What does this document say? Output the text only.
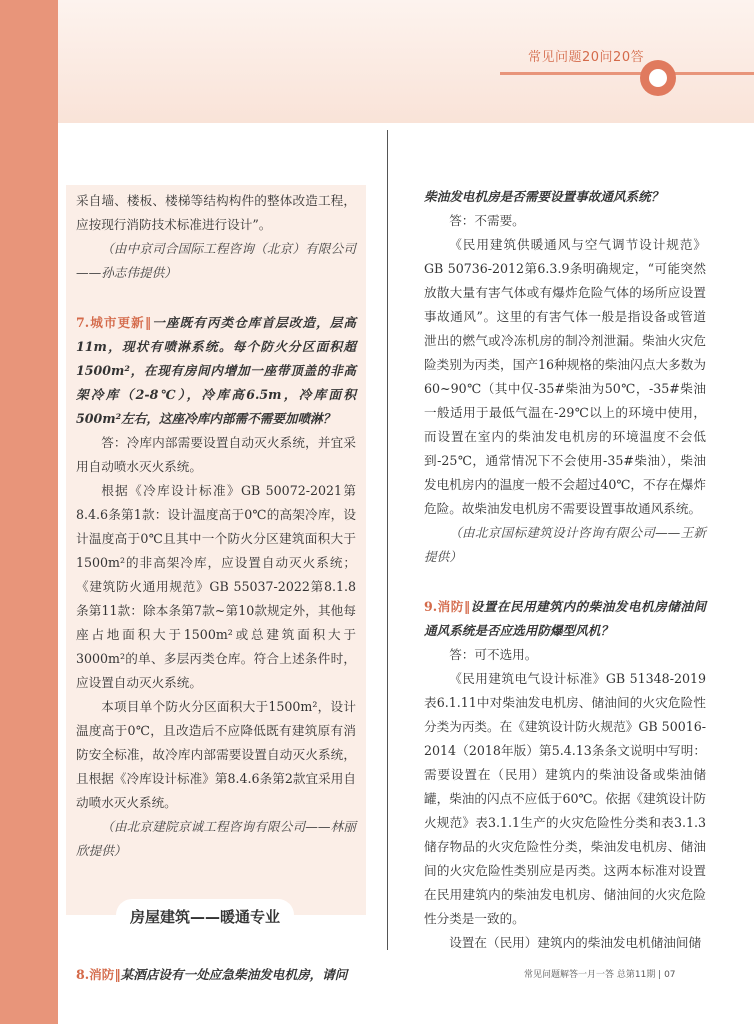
常见问题20问20答

采自墙、楼板、楼梯等结构构件的整体改造工程，应按现行消防技术标准进行设计”。

（由中京司合国际工程咨询（北京）有限公司——孙志伟提供）

7.城市更新‖一座既有丙类仓库首层改造，层高11m，现状有喷淋系统。每个防火分区面积超1500m²，在现有房间内增加一座带顶盖的非高架冷库（2-8℃），冷库高6.5m，冷库面积500m²左右，这座冷库内部需不需要加喷淋？

答：冷库内部需要设置自动灭火系统，并宜采用自动喷水灭火系统。

根据《冷库设计标准》GB 50072-2021第8.4.6条第1款：设计温度高于0℃的高架冷库，设计温度高于0℃且其中一个防火分区建筑面积大于1500m²的非高架冷库，应设置自动灭火系统；《建筑防火通用规范》GB 55037-2022第8.1.8条第11款：除本条第7款~第10款规定外，其他每座占地面积大于1500m²或总建筑面积大于3000m²的单、多层丙类仓库。符合上述条件时，应设置自动灭火系统。

本项目单个防火分区面积大于1500m²，设计温度高于0℃，且改造后不应降低既有建筑原有消防安全标准，故冷库内部需要设置自动灭火系统，且根据《冷库设计标准》第8.4.6条第2款宜采用自动喷水灭火系统。

（由北京建院京诚工程咨询有限公司——林丽欣提供）

房屋建筑——暖通专业

8.消防‖某酒店设有一处应急柴油发电机房，请问

柴油发电机房是否需要设置事故通风系统？

答：不需要。

《民用建筑供暖通风与空气调节设计规范》GB 50736-2012第6.3.9条明确规定，“可能突然放散大量有害气体或有爆炸危险气体的场所应设置事故通风”。这里的有害气体一般是指设备或管道泄出的燃气或冷冻机房的制冷剂泄漏。柴油火灾危险类别为丙类，国产16种规格的柴油闪点大多数为60~90℃（其中仅-35#柴油为50℃，-35#柴油一般适用于最低气温在-29℃以上的环境中使用，而设置在室内的柴油发电机房的环境温度不会低到-25℃，通常情况下不会使用-35#柴油），柴油发电机房内的温度一般不会超过40℃，不存在爆炸危险。故柴油发电机房不需要设置事故通风系统。

（由北京国标建筑设计咨询有限公司——王新提供）

9.消防‖设置在民用建筑内的柴油发电机房储油间通风系统是否应选用防爆型风机？

答：可不选用。

《民用建筑电气设计标准》GB 51348-2019表6.1.11中对柴油发电机房、储油间的火灾危险性分类为丙类。在《建筑设计防火规范》GB 50016-2014（2018年版）第5.4.13条条文说明中写明：需要设置在（民用）建筑内的柴油设备或柴油储罐，柴油的闪点不应低于60℃。依据《建筑设计防火规范》表3.1.1生产的火灾危险性分类和表3.1.3储存物品的火灾危险性分类，柴油发电机房、储油间的火灾危险性类别应是丙类。这两本标准对设置在民用建筑内的柴油发电机房、储油间的火灾危险性分类是一致的。

设置在（民用）建筑内的柴油发电机储油间储

常见问题解答一月一答 总第11期 | 07
